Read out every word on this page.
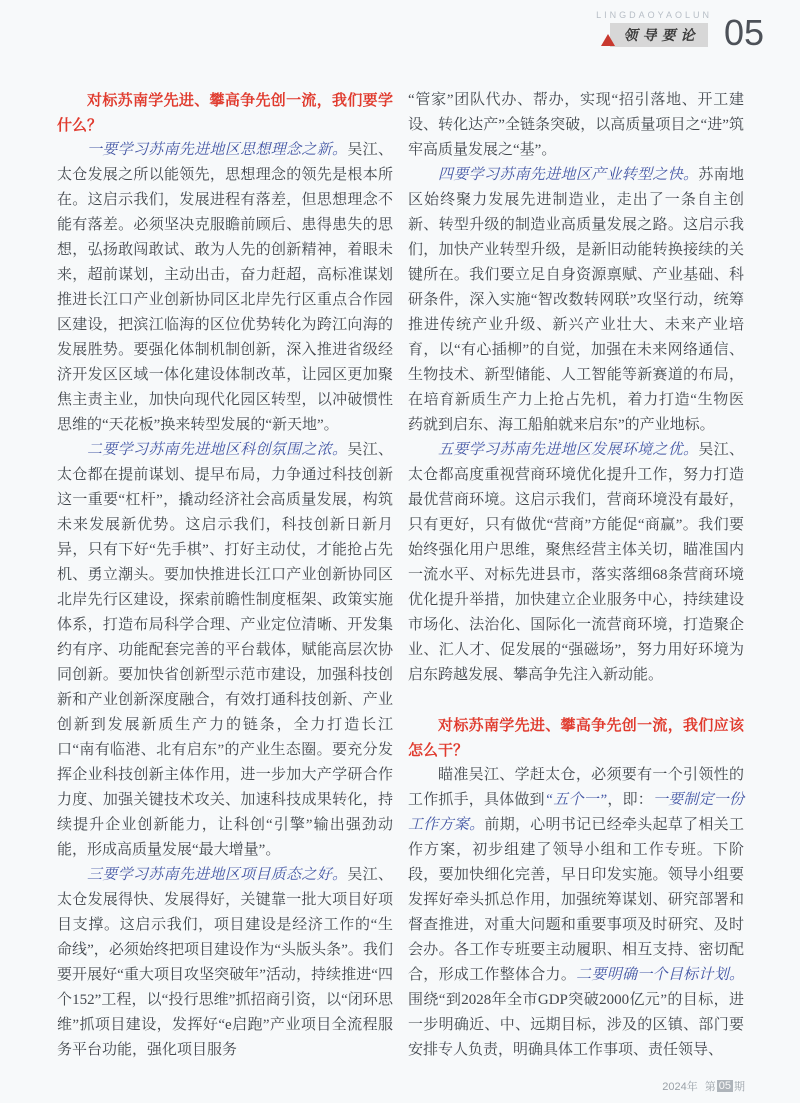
LINGDAOYAOLUN
领导要论 05

对标苏南学先进、攀高争先创一流，我们要学什么？

一要学习苏南先进地区思想理念之新。吴江、太仓发展之所以能领先，思想理念的领先是根本所在。这启示我们，发展进程有落差，但思想理念不能有落差。必须坚决克服瞻前顾后、患得患失的思想，弘扬敢闯敢试、敢为人先的创新精神，着眼未来，超前谋划，主动出击，奋力赶超，高标准谋划推进长江口产业创新协同区北岸先行区重点合作园区建设，把滨江临海的区位优势转化为跨江向海的发展胜势。要强化体制机制创新，深入推进省级经济开发区区域一体化建设体制改革，让园区更加聚焦主责主业，加快向现代化园区转型，以冲破惯性思维的“天花板”换来转型发展的“新天地”。

二要学习苏南先进地区科创氛围之浓。吴江、太仓都在提前谋划、提早布局，力争通过科技创新这一重要“杠杆”，撬动经济社会高质量发展，构筑未来发展新优势。这启示我们，科技创新日新月异，只有下好“先手棋”、打好主动仗，才能抢占先机、勇立潮头。要加快推进长江口产业创新协同区北岸先行区建设，探索前瞻性制度框架、政策实施体系，打造布局科学合理、产业定位清晰、开发集约有序、功能配套完善的平台载体，赋能高层次协同创新。要加快省创新型示范市建设，加强科技创新和产业创新深度融合，有效打通科技创新、产业创新到发展新质生产力的链条，全力打造长江口“南有临港、北有启东”的产业生态圈。要充分发挥企业科技创新主体作用，进一步加大产学研合作力度、加强关键技术攻关、加速科技成果转化，持续提升企业创新能力，让科创“引擎”输出强劲动能，形成高质量发展“最大增量”。

三要学习苏南先进地区项目质态之好。吴江、太仓发展得快、发展得好，关键靠一批大项目好项目支撑。这启示我们，项目建设是经济工作的“生命线”，必须始终把项目建设作为“头版头条”。我们要开展好“重大项目攻坚突破年”活动，持续推进“四个152”工程，以“投行思维”抓招商引资，以“闭环思维”抓项目建设，发挥好“e启跑”产业项目全流程服务平台功能，强化项目服务

“管家”团队代办、帮办，实现“招引落地、开工建设、转化达产”全链条突破，以高质量项目之“进”筑牢高质量发展之“基”。

四要学习苏南先进地区产业转型之快。苏南地区始终聚力发展先进制造业，走出了一条自主创新、转型升级的制造业高质量发展之路。这启示我们，加快产业转型升级，是新旧动能转换接续的关键所在。我们要立足自身资源禀赋、产业基础、科研条件，深入实施“智改数转网联”攻坚行动，统筹推进传统产业升级、新兴产业壮大、未来产业培育，以“有心插柳”的自觉，加强在未来网络通信、生物技术、新型储能、人工智能等新赛道的布局，在培育新质生产力上抢占先机，着力打造“生物医药就到启东、海工船舶就来启东”的产业地标。

五要学习苏南先进地区发展环境之优。吴江、太仓都高度重视营商环境优化提升工作，努力打造最优营商环境。这启示我们，营商环境没有最好，只有更好，只有做优“营商”方能促“商赢”。我们要始终强化用户思维，聚焦经营主体关切，瞄准国内一流水平、对标先进县市，落实落细68条营商环境优化提升举措，加快建立企业服务中心，持续建设市场化、法治化、国际化一流营商环境，打造聚企业、汇人才、促发展的“强磁场”，努力用好环境为启东跨越发展、攀高争先注入新动能。

对标苏南学先进、攀高争先创一流，我们应该怎么干？

瞄准吴江、学赶太仓，必须要有一个引领性的工作抓手，具体做到“五个一”，即：一要制定一份工作方案。前期，心明书记已经牵头起草了相关工作方案，初步组建了领导小组和工作专班。下阶段，要加快细化完善，早日印发实施。领导小组要发挥好牵头抓总作用，加强统筹谋划、研究部署和督查推进，对重大问题和重要事项及时研究、及时会办。各工作专班要主动履职、相互支持、密切配合，形成工作整体合力。二要明确一个目标计划。围绕“到2028年全市GDP突破2000亿元”的目标，进一步明确近、中、远期目标，涉及的区镇、部门要安排专人负责，明确具体工作事项、责任领导、

2024年 第 05 期
